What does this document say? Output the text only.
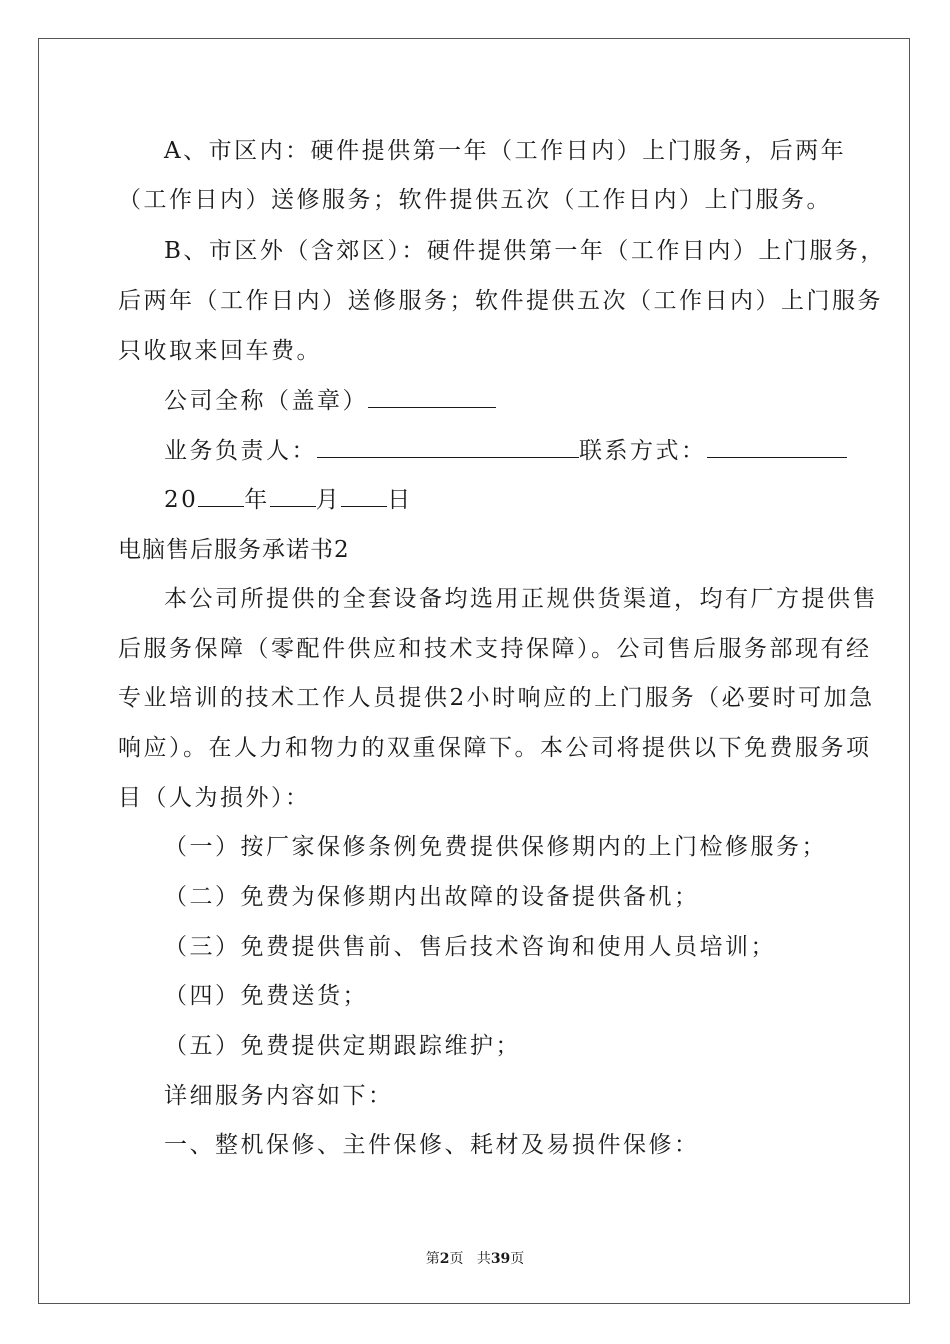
A、市区内：硬件提供第一年（工作日内）上门服务，后两年
（工作日内）送修服务；软件提供五次（工作日内）上门服务。
B、市区外（含郊区）：硬件提供第一年（工作日内）上门服务，
后两年（工作日内）送修服务；软件提供五次（工作日内）上门服务
只收取来回车费。
公司全称（盖章）
业务负责人：	联系方式：
20 年 月 日
电脑售后服务承诺书2
本公司所提供的全套设备均选用正规供货渠道，均有厂方提供售
后服务保障（零配件供应和技术支持保障）。公司售后服务部现有经
专业培训的技术工作人员提供2小时响应的上门服务（必要时可加急
响应）。在人力和物力的双重保障下。本公司将提供以下免费服务项
目（人为损外）：
（一）按厂家保修条例免费提供保修期内的上门检修服务；
（二）免费为保修期内出故障的设备提供备机；
（三）免费提供售前、售后技术咨询和使用人员培训；
（四）免费送货；
（五）免费提供定期跟踪维护；
详细服务内容如下：
一、整机保修、主件保修、耗材及易损件保修：
第2页 共39页
